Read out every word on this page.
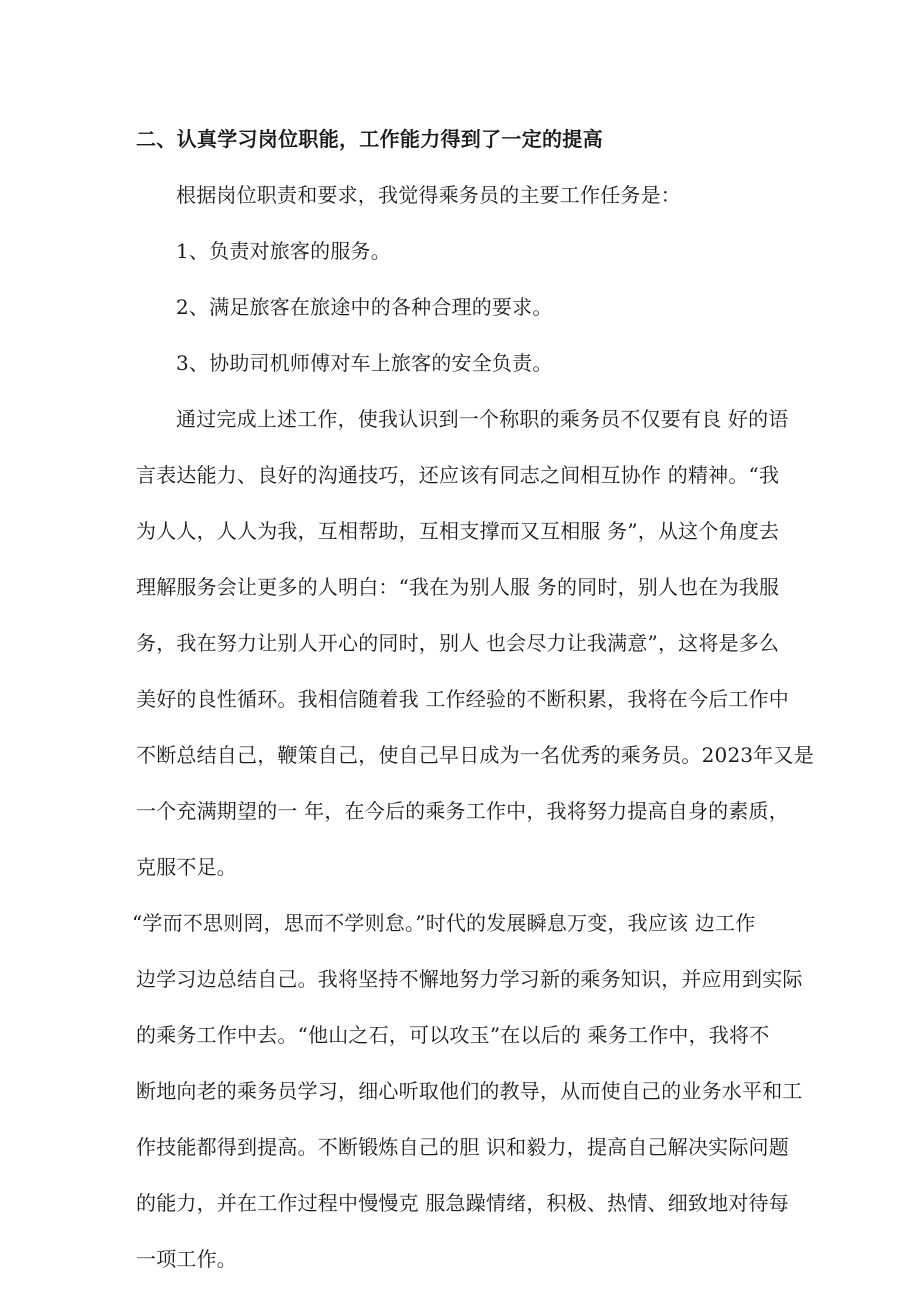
二、认真学习岗位职能，工作能力得到了一定的提高
根据岗位职责和要求，我觉得乘务员的主要工作任务是：
1、负责对旅客的服务。
2、满足旅客在旅途中的各种合理的要求。
3、协助司机师傅对车上旅客的安全负责。
通过完成上述工作，使我认识到一个称职的乘务员不仅要有良 好的语
言表达能力、良好的沟通技巧，还应该有同志之间相互协作 的精神。“我
为人人，人人为我，互相帮助，互相支撑而又互相服 务”，从这个角度去
理解服务会让更多的人明白：“我在为别人服 务的同时，别人也在为我服
务，我在努力让别人开心的同时，别人 也会尽力让我满意”，这将是多么
美好的良性循环。我相信随着我 工作经验的不断积累，我将在今后工作中
不断总结自己，鞭策自己，使自己早日成为一名优秀的乘务员。2023年又是
一个充满期望的一 年，在今后的乘务工作中，我将努力提高自身的素质，
克服不足。
“学而不思则罔，思而不学则怠。”时代的发展瞬息万变，我应该 边工作
边学习边总结自己。我将坚持不懈地努力学习新的乘务知识，并应用到实际
的乘务工作中去。“他山之石，可以攻玉”在以后的 乘务工作中，我将不
断地向老的乘务员学习，细心听取他们的教导，从而使自己的业务水平和工
作技能都得到提高。不断锻炼自己的胆 识和毅力，提高自己解决实际问题
的能力，并在工作过程中慢慢克 服急躁情绪，积极、热情、细致地对待每
一项工作。
